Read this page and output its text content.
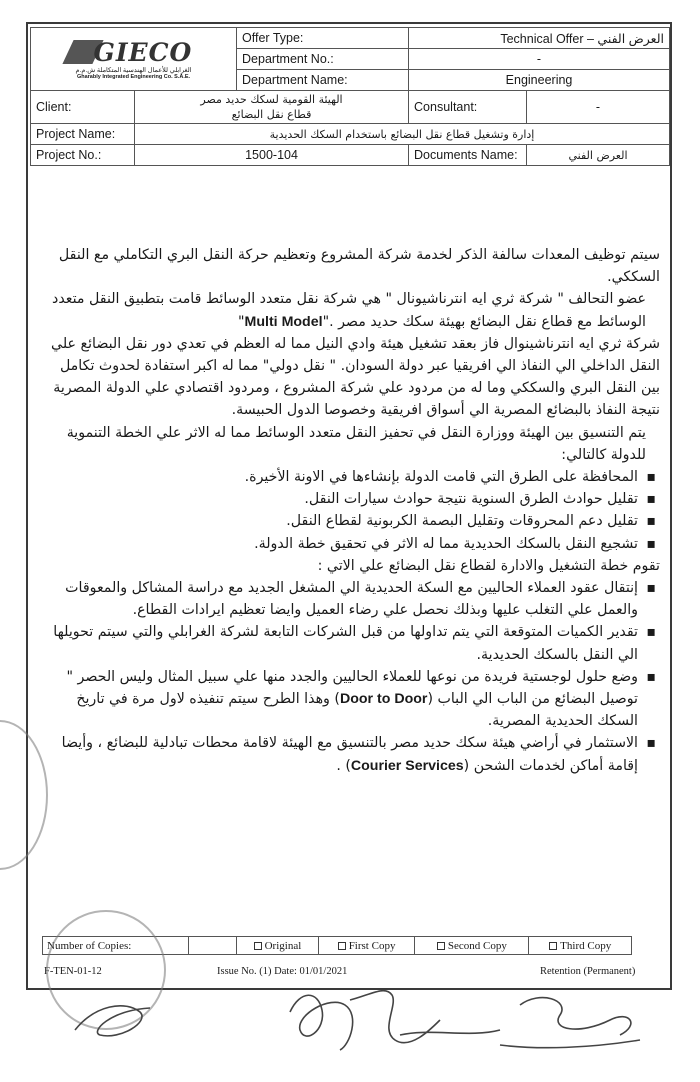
GIECO
الغرابلي للأعمال الهندسية المتكاملة ش.م.م
Gharably Integrated Engineering Co. S.A.E.		Offer Type:	Technical Offer – العرض الفني	
		Department No.:	-	
		Department Name:	Engineering	
Client:	الهيئة القومية لسكك حديد مصر
قطاع نقل البضائع		Consultant:	-
Project Name:	إدارة وتشغيل قطاع نقل البضائع باستخدام السكك الحديدية			
Project No.:	1500-104		Documents Name:	العرض الفني

سيتم توظيف المعدات سالفة الذكر لخدمة شركة المشروع وتعظيم حركة النقل البري التكاملي مع النقل السككي.

عضو التحالف " شركة ثري ايه انترناشيونال " هي شركة نقل متعدد الوسائط قامت بتطبيق النقل متعدد الوسائط مع قطاع نقل البضائع بهيئة سكك حديد مصر ."Multi Model"

شركة ثري ايه انترناشينوال فاز بعقد تشغيل هيئة وادي النيل مما له العظم في تعدي دور نقل البضائع علي النقل الداخلي الي النفاذ الي افريقيا عبر دولة السودان. " نقل دولي" مما له اكبر استفادة لحدوث تكامل بين النقل البري والسككي وما له من مردود علي شركة المشروع ، ومردود اقتصادي علي الدولة المصرية نتيجة النفاذ بالبضائع المصرية الي أسواق افريقية وخصوصا الدول الحبيسة.

يتم التنسيق بين الهيئة ووزارة النقل في تحفيز النقل متعدد الوسائط مما له الاثر علي الخطة التنموية للدولة كالتالي:

▪ المحافظة على الطرق التي قامت الدولة بإنشاءها في الاونة الأخيرة.

▪ تقليل حوادث الطرق السنوية نتيجة حوادث سيارات النقل.

▪ تقليل دعم المحروقات وتقليل البصمة الكربونية لقطاع النقل.

▪ تشجيع النقل بالسكك الحديدية مما له الاثر في تحقيق خطة الدولة.

تقوم خطة التشغيل والادارة لقطاع نقل البضائع علي الاتي :

▪ إنتقال عقود العملاء الحاليين مع السكة الحديدية الي المشغل الجديد مع دراسة المشاكل والمعوقات والعمل علي التغلب عليها وبذلك نحصل علي رضاء العميل وايضا تعظيم ايرادات القطاع.

▪ تقدير الكميات المتوقعة التي يتم تداولها من قبل الشركات التابعة لشركة الغرابلي والتي سيتم تحويلها الي النقل بالسكك الحديدية.

▪ وضع حلول لوجستية فريدة من نوعها للعملاء الحاليين والجدد منها علي سبيل المثال وليس الحصر " توصيل البضائع من الباب الي الباب (Door to Door) وهذا الطرح سيتم تنفيذه لاول مرة في تاريخ السكك الحديدية المصرية.

▪ الاستثمار في أراضي هيئة سكك حديد مصر بالتنسيق مع الهيئة لاقامة محطات تبادلية للبضائع ، وأيضا إقامة أماكن لخدمات الشحن (Courier Services) .

Number of Copies:		Original	First Copy	Second Copy	Third Copy
F-TEN-01-12	Issue No. (1) Date: 01/01/2021	Retention (Permanent)
